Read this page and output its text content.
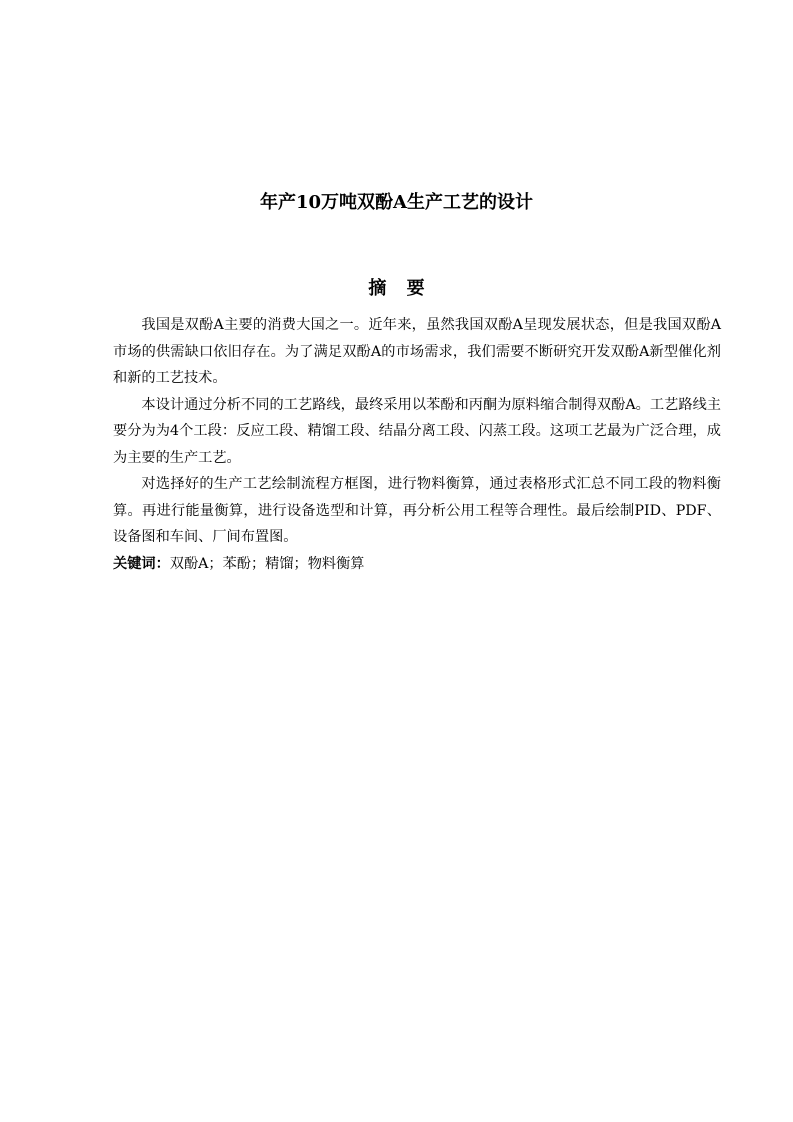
年产10万吨双酚A生产工艺的设计
摘 要

我国是双酚A主要的消费大国之一。近年来，虽然我国双酚A呈现发展状态，但是我国双酚A市场的供需缺口依旧存在。为了满足双酚A的市场需求，我们需要不断研究开发双酚A新型催化剂和新的工艺技术。

本设计通过分析不同的工艺路线，最终采用以苯酚和丙酮为原料缩合制得双酚A。工艺路线主要分为为4个工段：反应工段、精馏工段、结晶分离工段、闪蒸工段。这项工艺最为广泛合理，成为主要的生产工艺。

对选择好的生产工艺绘制流程方框图，进行物料衡算，通过表格形式汇总不同工段的物料衡算。再进行能量衡算，进行设备选型和计算，再分析公用工程等合理性。最后绘制PID、PDF、设备图和车间、厂间布置图。

关键词：双酚A；苯酚；精馏；物料衡算
